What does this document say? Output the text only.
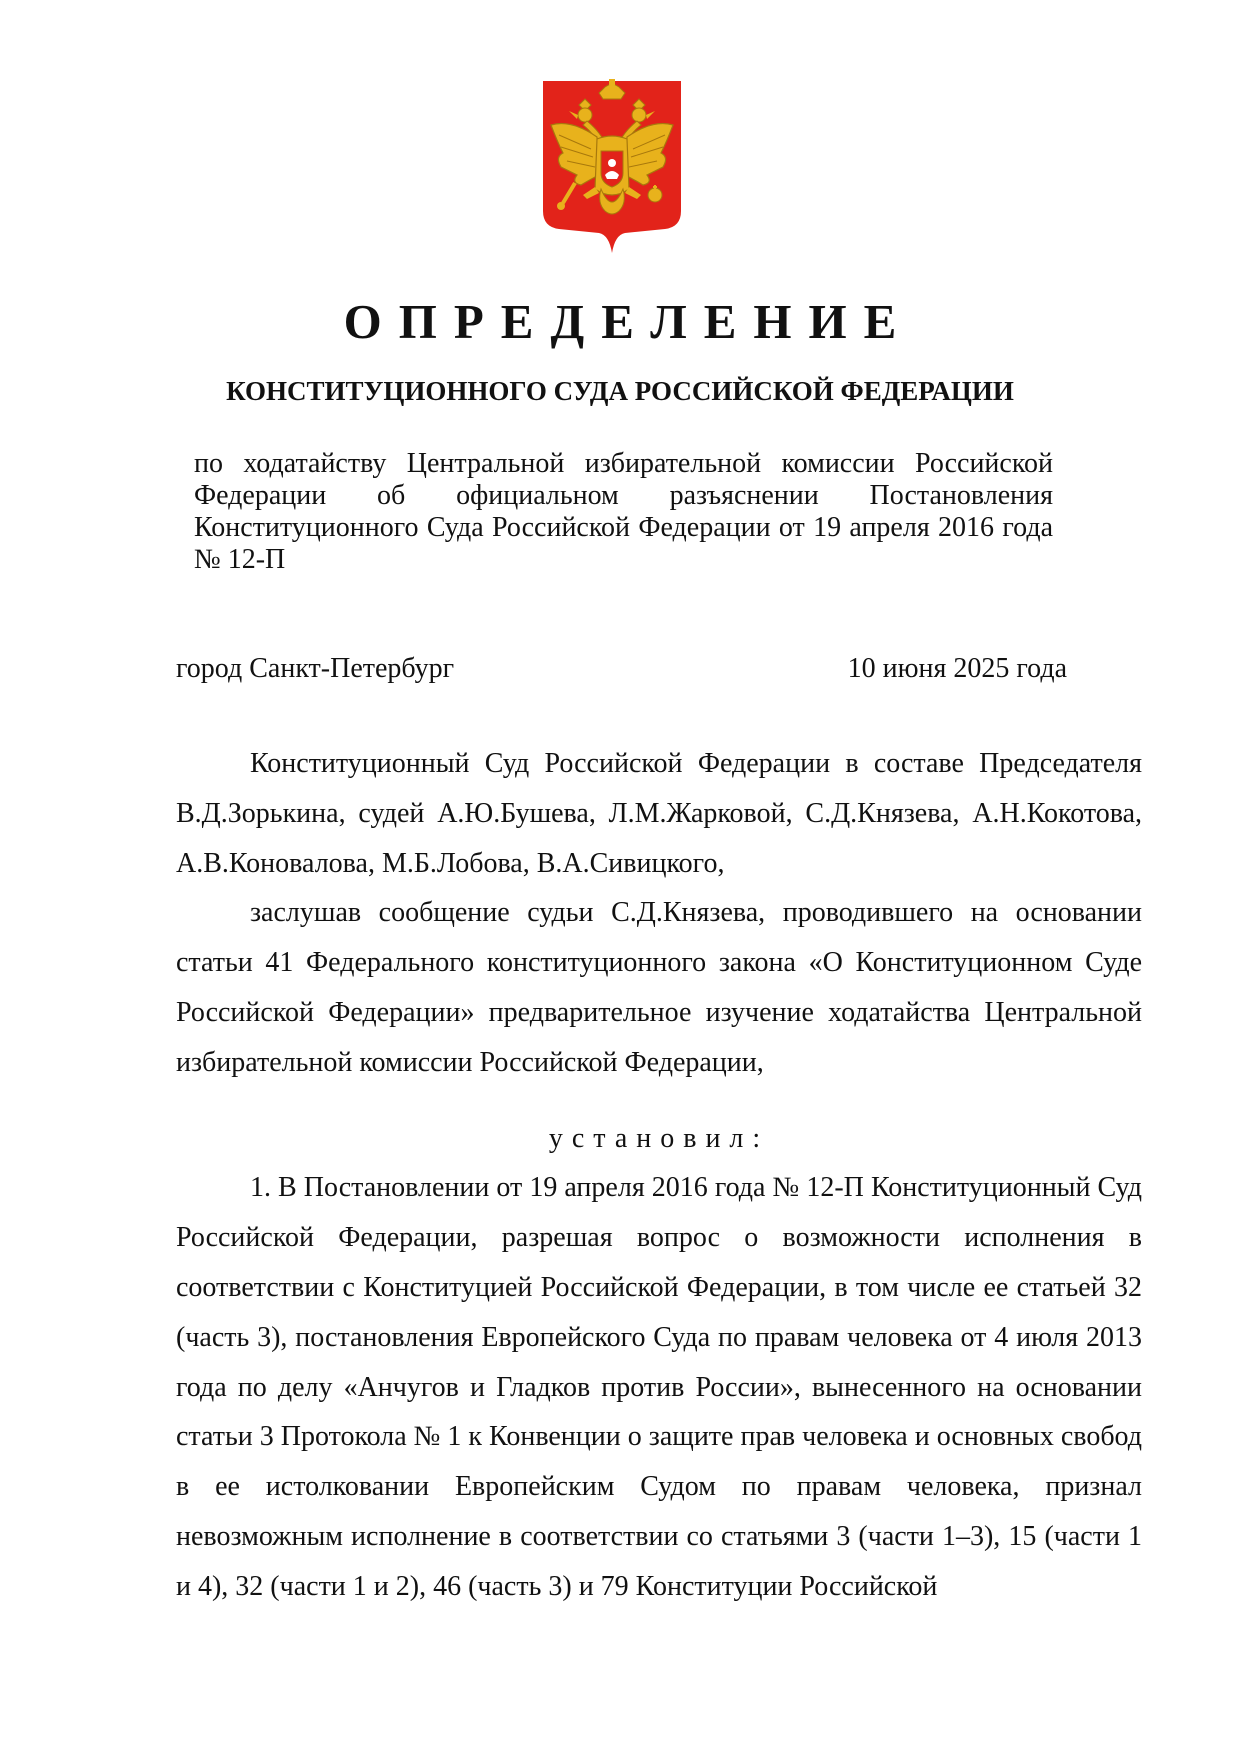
ОПРЕДЕЛЕНИЕ
КОНСТИТУЦИОННОГО СУДА РОССИЙСКОЙ ФЕДЕРАЦИИ
по ходатайству Центральной избирательной комиссии Российской Федерации об официальном разъяснении Постановления Конституционного Суда Российской Федерации от 19 апреля 2016 года № 12-П
город Санкт-Петербург	10 июня 2025 года

Конституционный Суд Российской Федерации в составе Председателя В.Д.Зорькина, судей А.Ю.Бушева, Л.М.Жарковой, С.Д.Князева, А.Н.Кокотова, А.В.Коновалова, М.Б.Лобова, В.А.Сивицкого,

заслушав сообщение судьи С.Д.Князева, проводившего на основании статьи 41 Федерального конституционного закона «О Конституционном Суде Российской Федерации» предварительное изучение ходатайства Центральной избирательной комиссии Российской Федерации,

установил:

1. В Постановлении от 19 апреля 2016 года № 12-П Конституционный Суд Российской Федерации, разрешая вопрос о возможности исполнения в соответствии с Конституцией Российской Федерации, в том числе ее статьей 32 (часть 3), постановления Европейского Суда по правам человека от 4 июля 2013 года по делу «Анчугов и Гладков против России», вынесенного на основании статьи 3 Протокола № 1 к Конвенции о защите прав человека и основных свобод в ее истолковании Европейским Судом по правам человека, признал невозможным исполнение в соответствии со статьями 3 (части 1–3), 15 (части 1 и 4), 32 (части 1 и 2), 46 (часть 3) и 79 Конституции Российской
